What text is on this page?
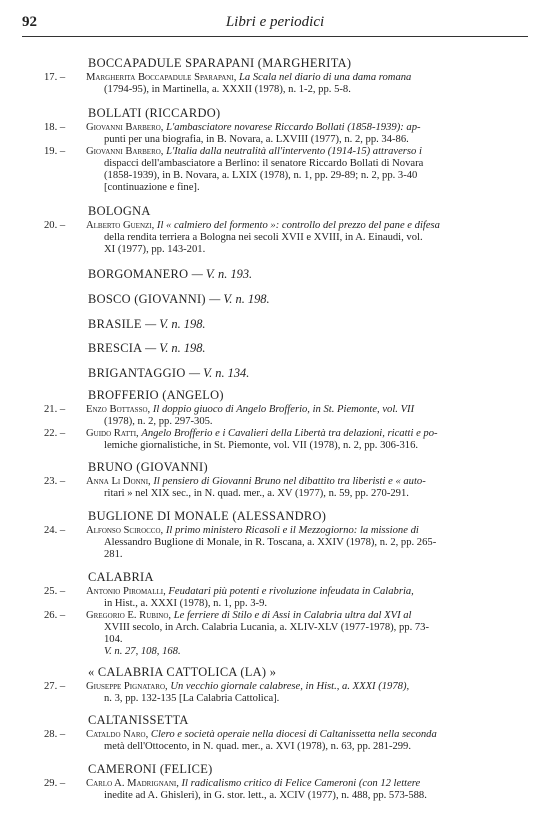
92	Libri e periodici
BOCCAPADULE SPARAPANI (MARGHERITA)
17. –	Margherita Boccapadule Sparapani, La Scala nel diario di una dama romana
(1794-95), in Martinella, a. XXXII (1978), n. 1-2, pp. 5-8.
BOLLATI (RICCARDO)
18. –	Giovanni Barbero, L'ambasciatore novarese Riccardo Bollati (1858-1939): ap-
punti per una biografia, in B. Novara, a. LXVIII (1977), n. 2, pp. 34-86.
19. –	Giovanni Barbero, L'Italia dalla neutralità all'intervento (1914-15) attraverso i
dispacci dell'ambasciatore a Berlino: il senatore Riccardo Bollati di Novara
(1858-1939), in B. Novara, a. LXIX (1978), n. 1, pp. 29-89; n. 2, pp. 3-40
[continuazione e fine].
BOLOGNA
20. –	Alberto Guenzi, Il « calmiero del formento »: controllo del prezzo del pane e difesa
della rendita terriera a Bologna nei secoli XVII e XVIII, in A. Einaudi, vol.
XI (1977), pp. 143-201.
BORGOMANERO — V. n. 193.
BOSCO (GIOVANNI) — V. n. 198.
BRASILE — V. n. 198.
BRESCIA — V. n. 198.
BRIGANTAGGIO — V. n. 134.
BROFFERIO (ANGELO)
21. –	Enzo Bottasso, Il doppio giuoco di Angelo Brofferio, in St. Piemonte, vol. VII
(1978), n. 2, pp. 297-305.
22. –	Guido Ratti, Angelo Brofferio e i Cavalieri della Libertà tra delazioni, ricatti e po-
lemiche giornalistiche, in St. Piemonte, vol. VII (1978), n. 2, pp. 306-316.
BRUNO (GIOVANNI)
23. –	Anna Li Donni, Il pensiero di Giovanni Bruno nel dibattito tra liberisti e « auto-
ritari » nel XIX sec., in N. quad. mer., a. XV (1977), n. 59, pp. 270-291.
BUGLIONE DI MONALE (ALESSANDRO)
24. –	Alfonso Scirocco, Il primo ministero Ricasoli e il Mezzogiorno: la missione di
Alessandro Buglione di Monale, in R. Toscana, a. XXIV (1978), n. 2, pp. 265-
281.
CALABRIA
25. –	Antonio Piromalli, Feudatari più potenti e rivoluzione infeudata in Calabria,
in Hist., a. XXXI (1978), n. 1, pp. 3-9.
26. –	Gregorio E. Rubino, Le ferriere di Stilo e di Assi in Calabria ultra dal XVI al
XVIII secolo, in Arch. Calabria Lucania, a. XLIV-XLV (1977-1978), pp. 73-
104.
V. n. 27, 108, 168.
« CALABRIA CATTOLICA (LA) »
27. –	Giuseppe Pignataro, Un vecchio giornale calabrese, in Hist., a. XXXI (1978),
n. 3, pp. 132-135 [La Calabria Cattolica].
CALTANISSETTA
28. –	Cataldo Naro, Clero e società operaie nella diocesi di Caltanissetta nella seconda
metà dell'Ottocento, in N. quad. mer., a. XVI (1978), n. 63, pp. 281-299.
CAMERONI (FELICE)
29. –	Carlo A. Madrignani, Il radicalismo critico di Felice Cameroni (con 12 lettere
inedite ad A. Ghisleri), in G. stor. lett., a. XCIV (1977), n. 488, pp. 573-588.
